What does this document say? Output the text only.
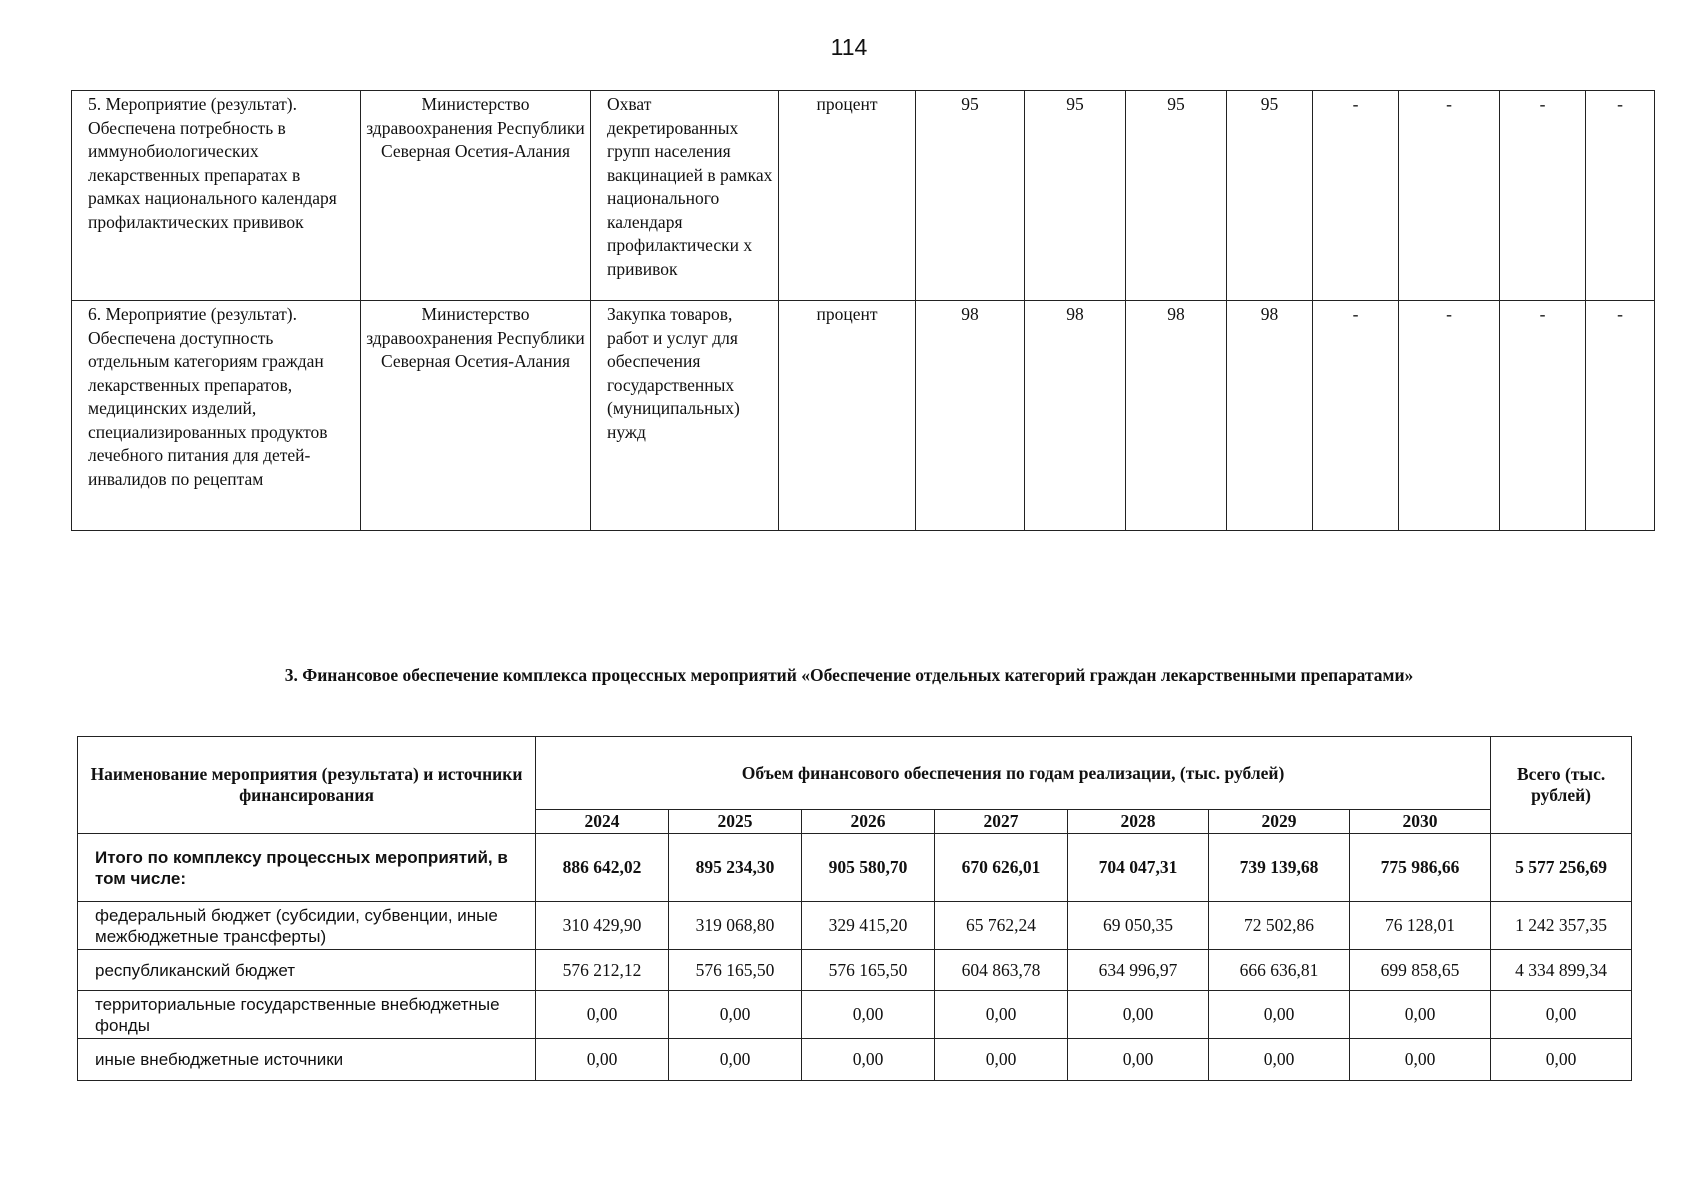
114
5. Мероприятие (результат). Обеспечена потребность в иммунобиологических лекарственных препаратах в рамках национального календаря профилактических прививок	Министерство здравоохранения Республики Северная Осетия-Алания	Охват декретированных групп населения вакцинацией в рамках национального календаря профилактически х прививок	процент	95	95	95	95	-	-	-	-
6. Мероприятие (результат). Обеспечена доступность отдельным категориям граждан лекарственных препаратов, медицинских изделий, специализированных продуктов лечебного питания для детей-инвалидов по рецептам	Министерство здравоохранения Республики Северная Осетия-Алания	Закупка товаров, работ и услуг для обеспечения государственных (муниципальных) нужд	процент	98	98	98	98	-	-	-	-
3. Финансовое обеспечение комплекса процессных мероприятий «Обеспечение отдельных категорий граждан лекарственными препаратами»
Наименование мероприятия (результата) и источники финансирования	Объем финансового обеспечения по годам реализации, (тыс. рублей)							Всего (тыс. рублей)
	2024	2025	2026	2027	2028	2029	2030	
Итого по комплексу процессных мероприятий, в том числе:	886 642,02	895 234,30	905 580,70	670 626,01	704 047,31	739 139,68	775 986,66	5 577 256,69
федеральный бюджет (субсидии, субвенции, иные межбюджетные трансферты)	310 429,90	319 068,80	329 415,20	65 762,24	69 050,35	72 502,86	76 128,01	1 242 357,35
республиканский бюджет	576 212,12	576 165,50	576 165,50	604 863,78	634 996,97	666 636,81	699 858,65	4 334 899,34
территориальные государственные внебюджетные фонды	0,00	0,00	0,00	0,00	0,00	0,00	0,00	0,00
иные внебюджетные источники	0,00	0,00	0,00	0,00	0,00	0,00	0,00	0,00
